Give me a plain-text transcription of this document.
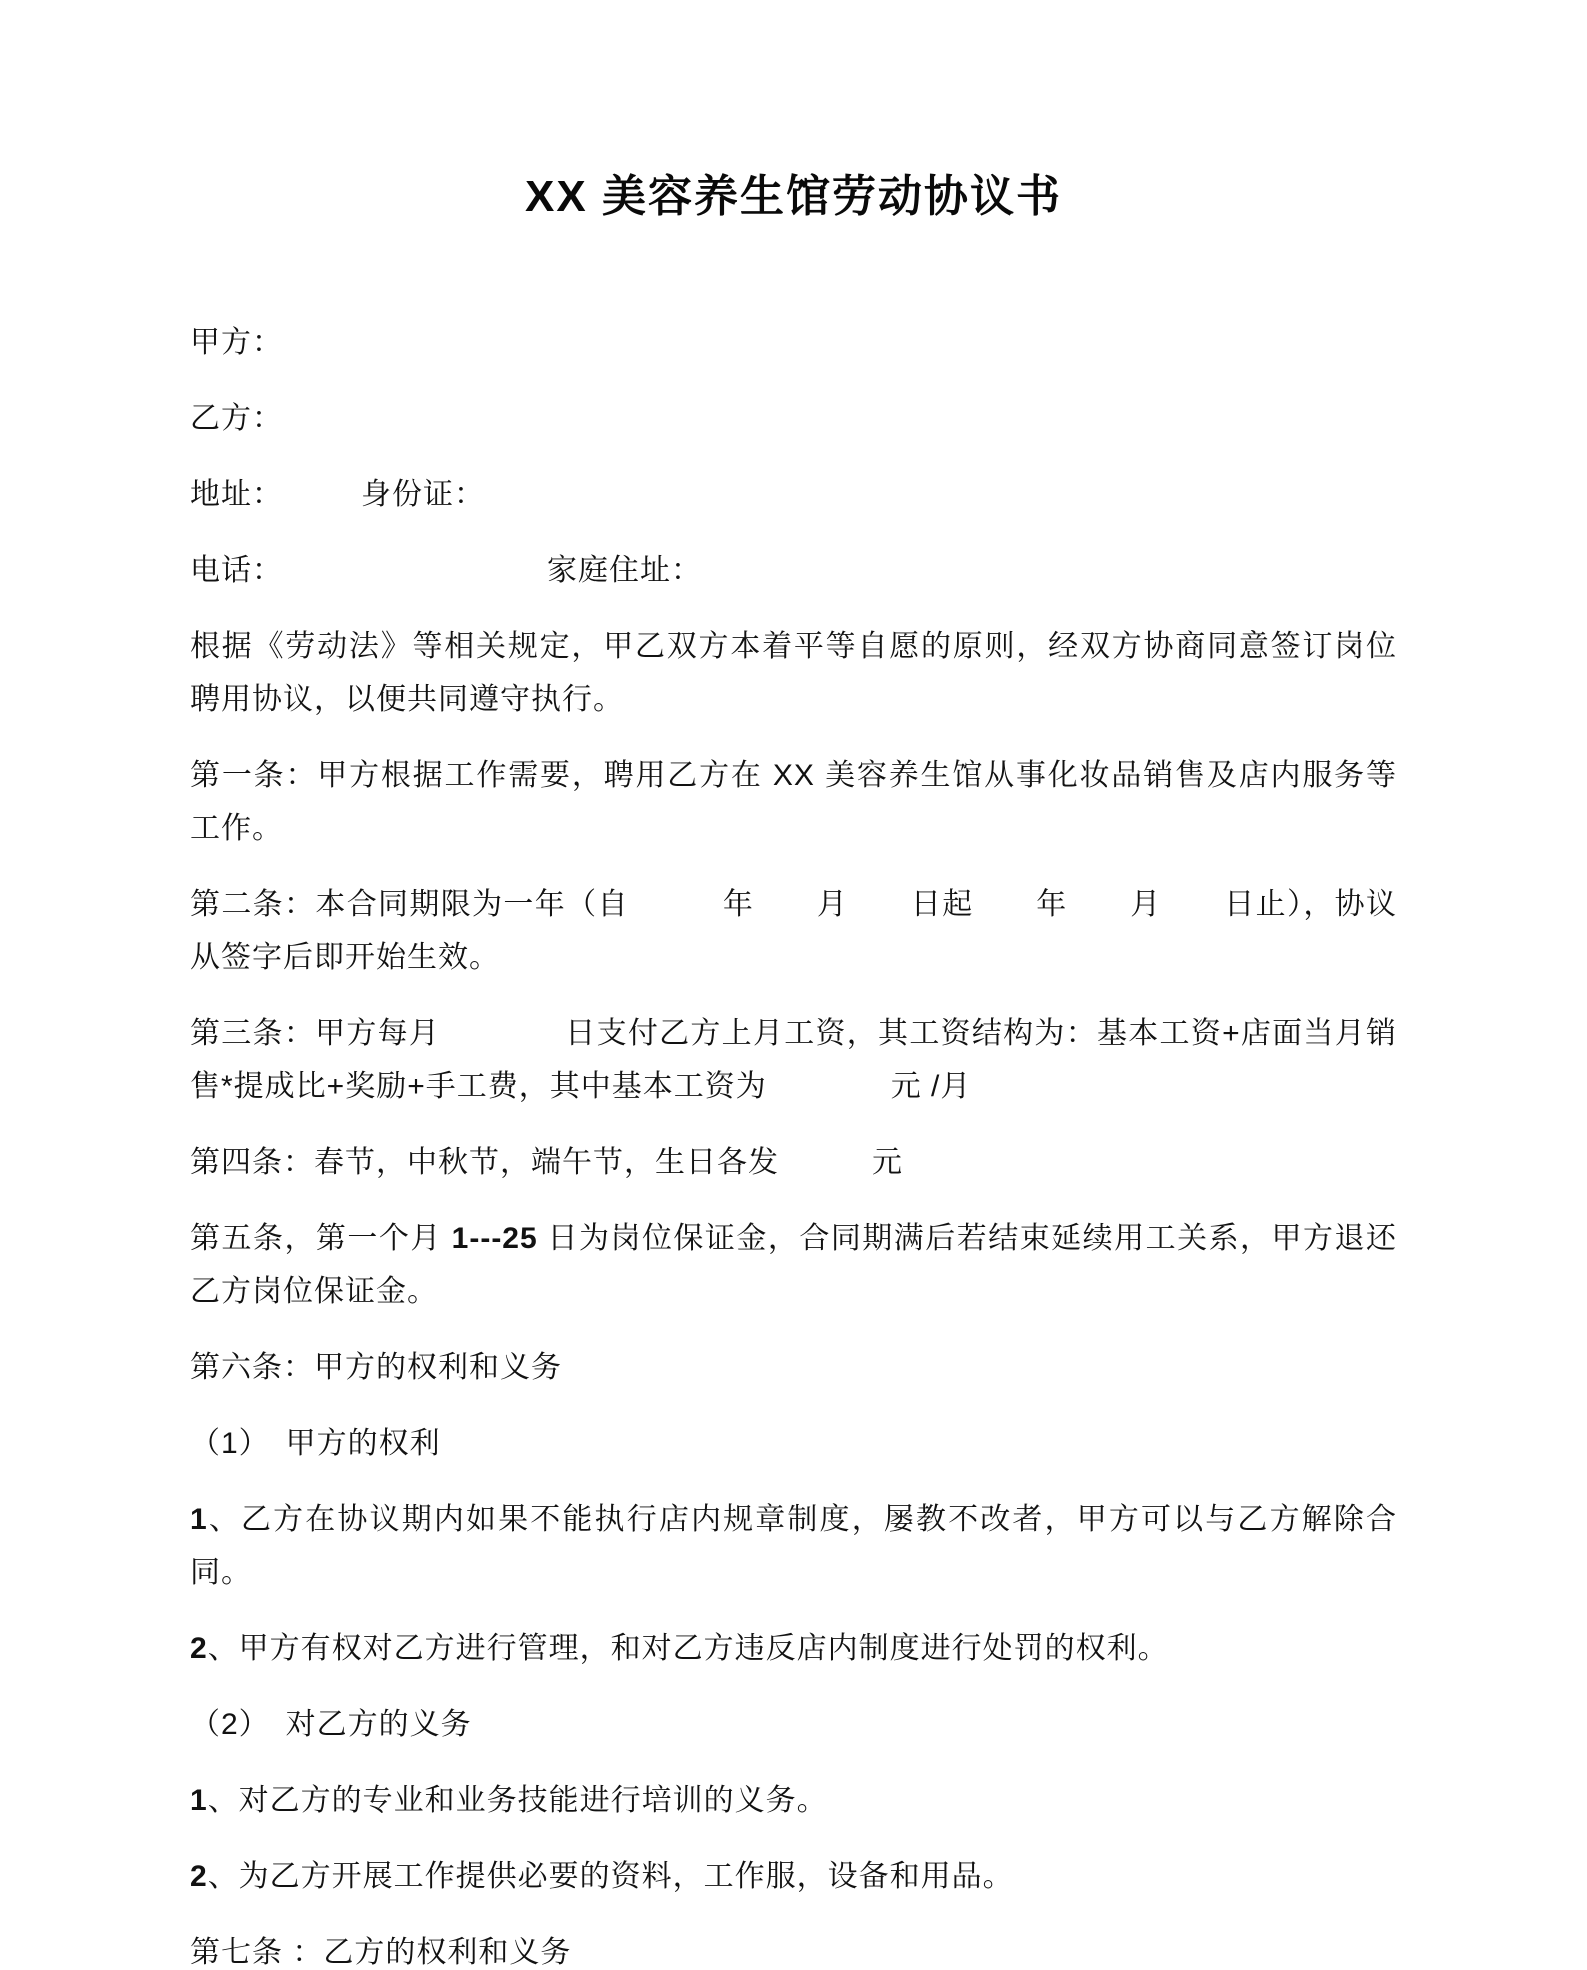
XX 美容养生馆劳动协议书

甲方：

乙方：

地址：　　　身份证：

电话：　　　　　　　　　家庭住址：

根据《劳动法》等相关规定，甲乙双方本着平等自愿的原则，经双方协商同意签订岗位聘用协议，以便共同遵守执行。

第一条：甲方根据工作需要，聘用乙方在 XX 美容养生馆从事化妆品销售及店内服务等工作。

第二条：本合同期限为一年（自　　　年　　月　　日起　　年　　月　　日止），协议从签字后即开始生效。

第三条：甲方每月　　　　日支付乙方上月工资，其工资结构为：基本工资+店面当月销售*提成比+奖励+手工费，其中基本工资为　　　　元 /月

第四条：春节，中秋节，端午节，生日各发　　　元

第五条，第一个月 1---25 日为岗位保证金，合同期满后若结束延续用工关系，甲方退还乙方岗位保证金。

第六条：甲方的权利和义务

（1）　甲方的权利

1、乙方在协议期内如果不能执行店内规章制度，屡教不改者，甲方可以与乙方解除合同。

2、甲方有权对乙方进行管理，和对乙方违反店内制度进行处罚的权利。

（2）　对乙方的义务

1、对乙方的专业和业务技能进行培训的义务。

2、为乙方开展工作提供必要的资料，工作服，设备和用品。

第七条 ：乙方的权利和义务
